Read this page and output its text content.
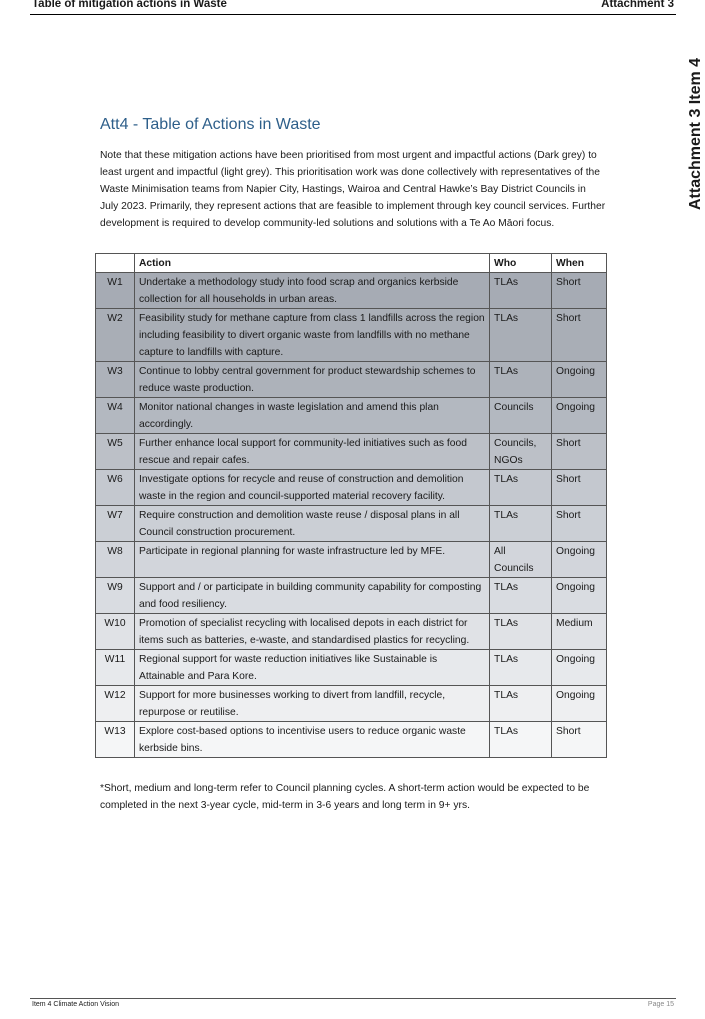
Table of mitigation actions in Waste	Attachment 3
Attachment 3 Item 4
Att4 - Table of Actions in Waste
Note that these mitigation actions have been prioritised from most urgent and impactful actions (Dark grey) to least urgent and impactful (light grey). This prioritisation work was done collectively with representatives of the Waste Minimisation teams from Napier City, Hastings, Wairoa and Central Hawke’s Bay District Councils in July 2023. Primarily, they represent actions that are feasible to implement through key council services. Further development is required to develop community-led solutions and solutions with a Te Ao Māori focus.
	Action	Who	When
W1	Undertake a methodology study into food scrap and organics kerbside collection for all households in urban areas.	TLAs	Short
W2	Feasibility study for methane capture from class 1 landfills across the region including feasibility to divert organic waste from landfills with no methane capture to landfills with capture.	TLAs	Short
W3	Continue to lobby central government for product stewardship schemes to reduce waste production.	TLAs	Ongoing
W4	Monitor national changes in waste legislation and amend this plan accordingly.	Councils	Ongoing
W5	Further enhance local support for community-led initiatives such as food rescue and repair cafes.	Councils, NGOs	Short
W6	Investigate options for recycle and reuse of construction and demolition waste in the region and council-supported material recovery facility.	TLAs	Short
W7	Require construction and demolition waste reuse / disposal plans in all Council construction procurement.	TLAs	Short
W8	Participate in regional planning for waste infrastructure led by MFE.	All Councils	Ongoing
W9	Support and / or participate in building community capability for composting and food resiliency.	TLAs	Ongoing
W10	Promotion of specialist recycling with localised depots in each district for items such as batteries, e-waste, and standardised plastics for recycling.	TLAs	Medium
W11	Regional support for waste reduction initiatives like Sustainable is Attainable and Para Kore.	TLAs	Ongoing
W12	Support for more businesses working to divert from landfill, recycle, repurpose or reutilise.	TLAs	Ongoing
W13	Explore cost-based options to incentivise users to reduce organic waste kerbside bins.	TLAs	Short
*Short, medium and long-term refer to Council planning cycles. A short-term action would be expected to be completed in the next 3-year cycle, mid-term in 3-6 years and long term in 9+ yrs.
Item 4 Climate Action Vision	Page 15
